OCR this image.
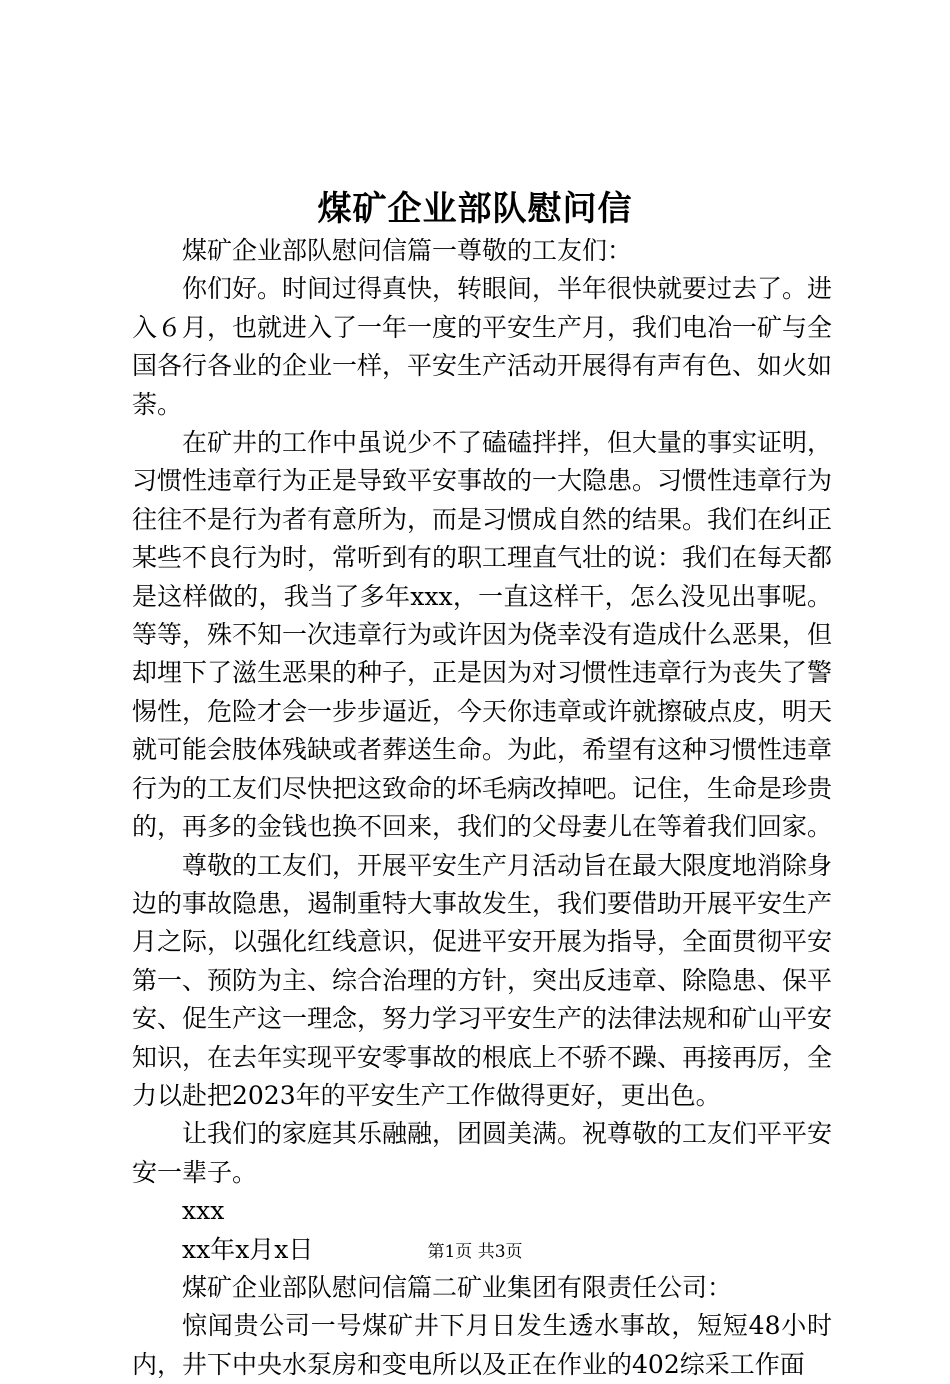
煤矿企业部队慰问信

煤矿企业部队慰问信篇一尊敬的工友们：

你们好。时间过得真快，转眼间，半年很快就要过去了。进入６月，也就进入了一年一度的平安生产月，我们电冶一矿与全国各行各业的企业一样，平安生产活动开展得有声有色、如火如荼。

在矿井的工作中虽说少不了磕磕拌拌，但大量的事实证明，习惯性违章行为正是导致平安事故的一大隐患。习惯性违章行为往往不是行为者有意所为，而是习惯成自然的结果。我们在纠正某些不良行为时，常听到有的职工理直气壮的说：我们在每天都是这样做的，我当了多年xxx，一直这样干，怎么没见出事呢。等等，殊不知一次违章行为或许因为侥幸没有造成什么恶果，但却埋下了滋生恶果的种子，正是因为对习惯性违章行为丧失了警惕性，危险才会一步步逼近，今天你违章或许就擦破点皮，明天就可能会肢体残缺或者葬送生命。为此，希望有这种习惯性违章行为的工友们尽快把这致命的坏毛病改掉吧。记住，生命是珍贵的，再多的金钱也换不回来，我们的父母妻儿在等着我们回家。

尊敬的工友们，开展平安生产月活动旨在最大限度地消除身边的事故隐患，遏制重特大事故发生，我们要借助开展平安生产月之际，以强化红线意识，促进平安开展为指导，全面贯彻平安第一、预防为主、综合治理的方针，突出反违章、除隐患、保平安、促生产这一理念，努力学习平安生产的法律法规和矿山平安知识，在去年实现平安零事故的根底上不骄不躁、再接再厉，全力以赴把2023年的平安生产工作做得更好，更出色。

让我们的家庭其乐融融，团圆美满。祝尊敬的工友们平平安安一辈子。

xxx

xx年x月x日

煤矿企业部队慰问信篇二矿业集团有限责任公司：

惊闻贵公司一号煤矿井下月日发生透水事故，短短48小时内，井下中央水泵房和变电所以及正在作业的402综采工作面

第1页 共3页
